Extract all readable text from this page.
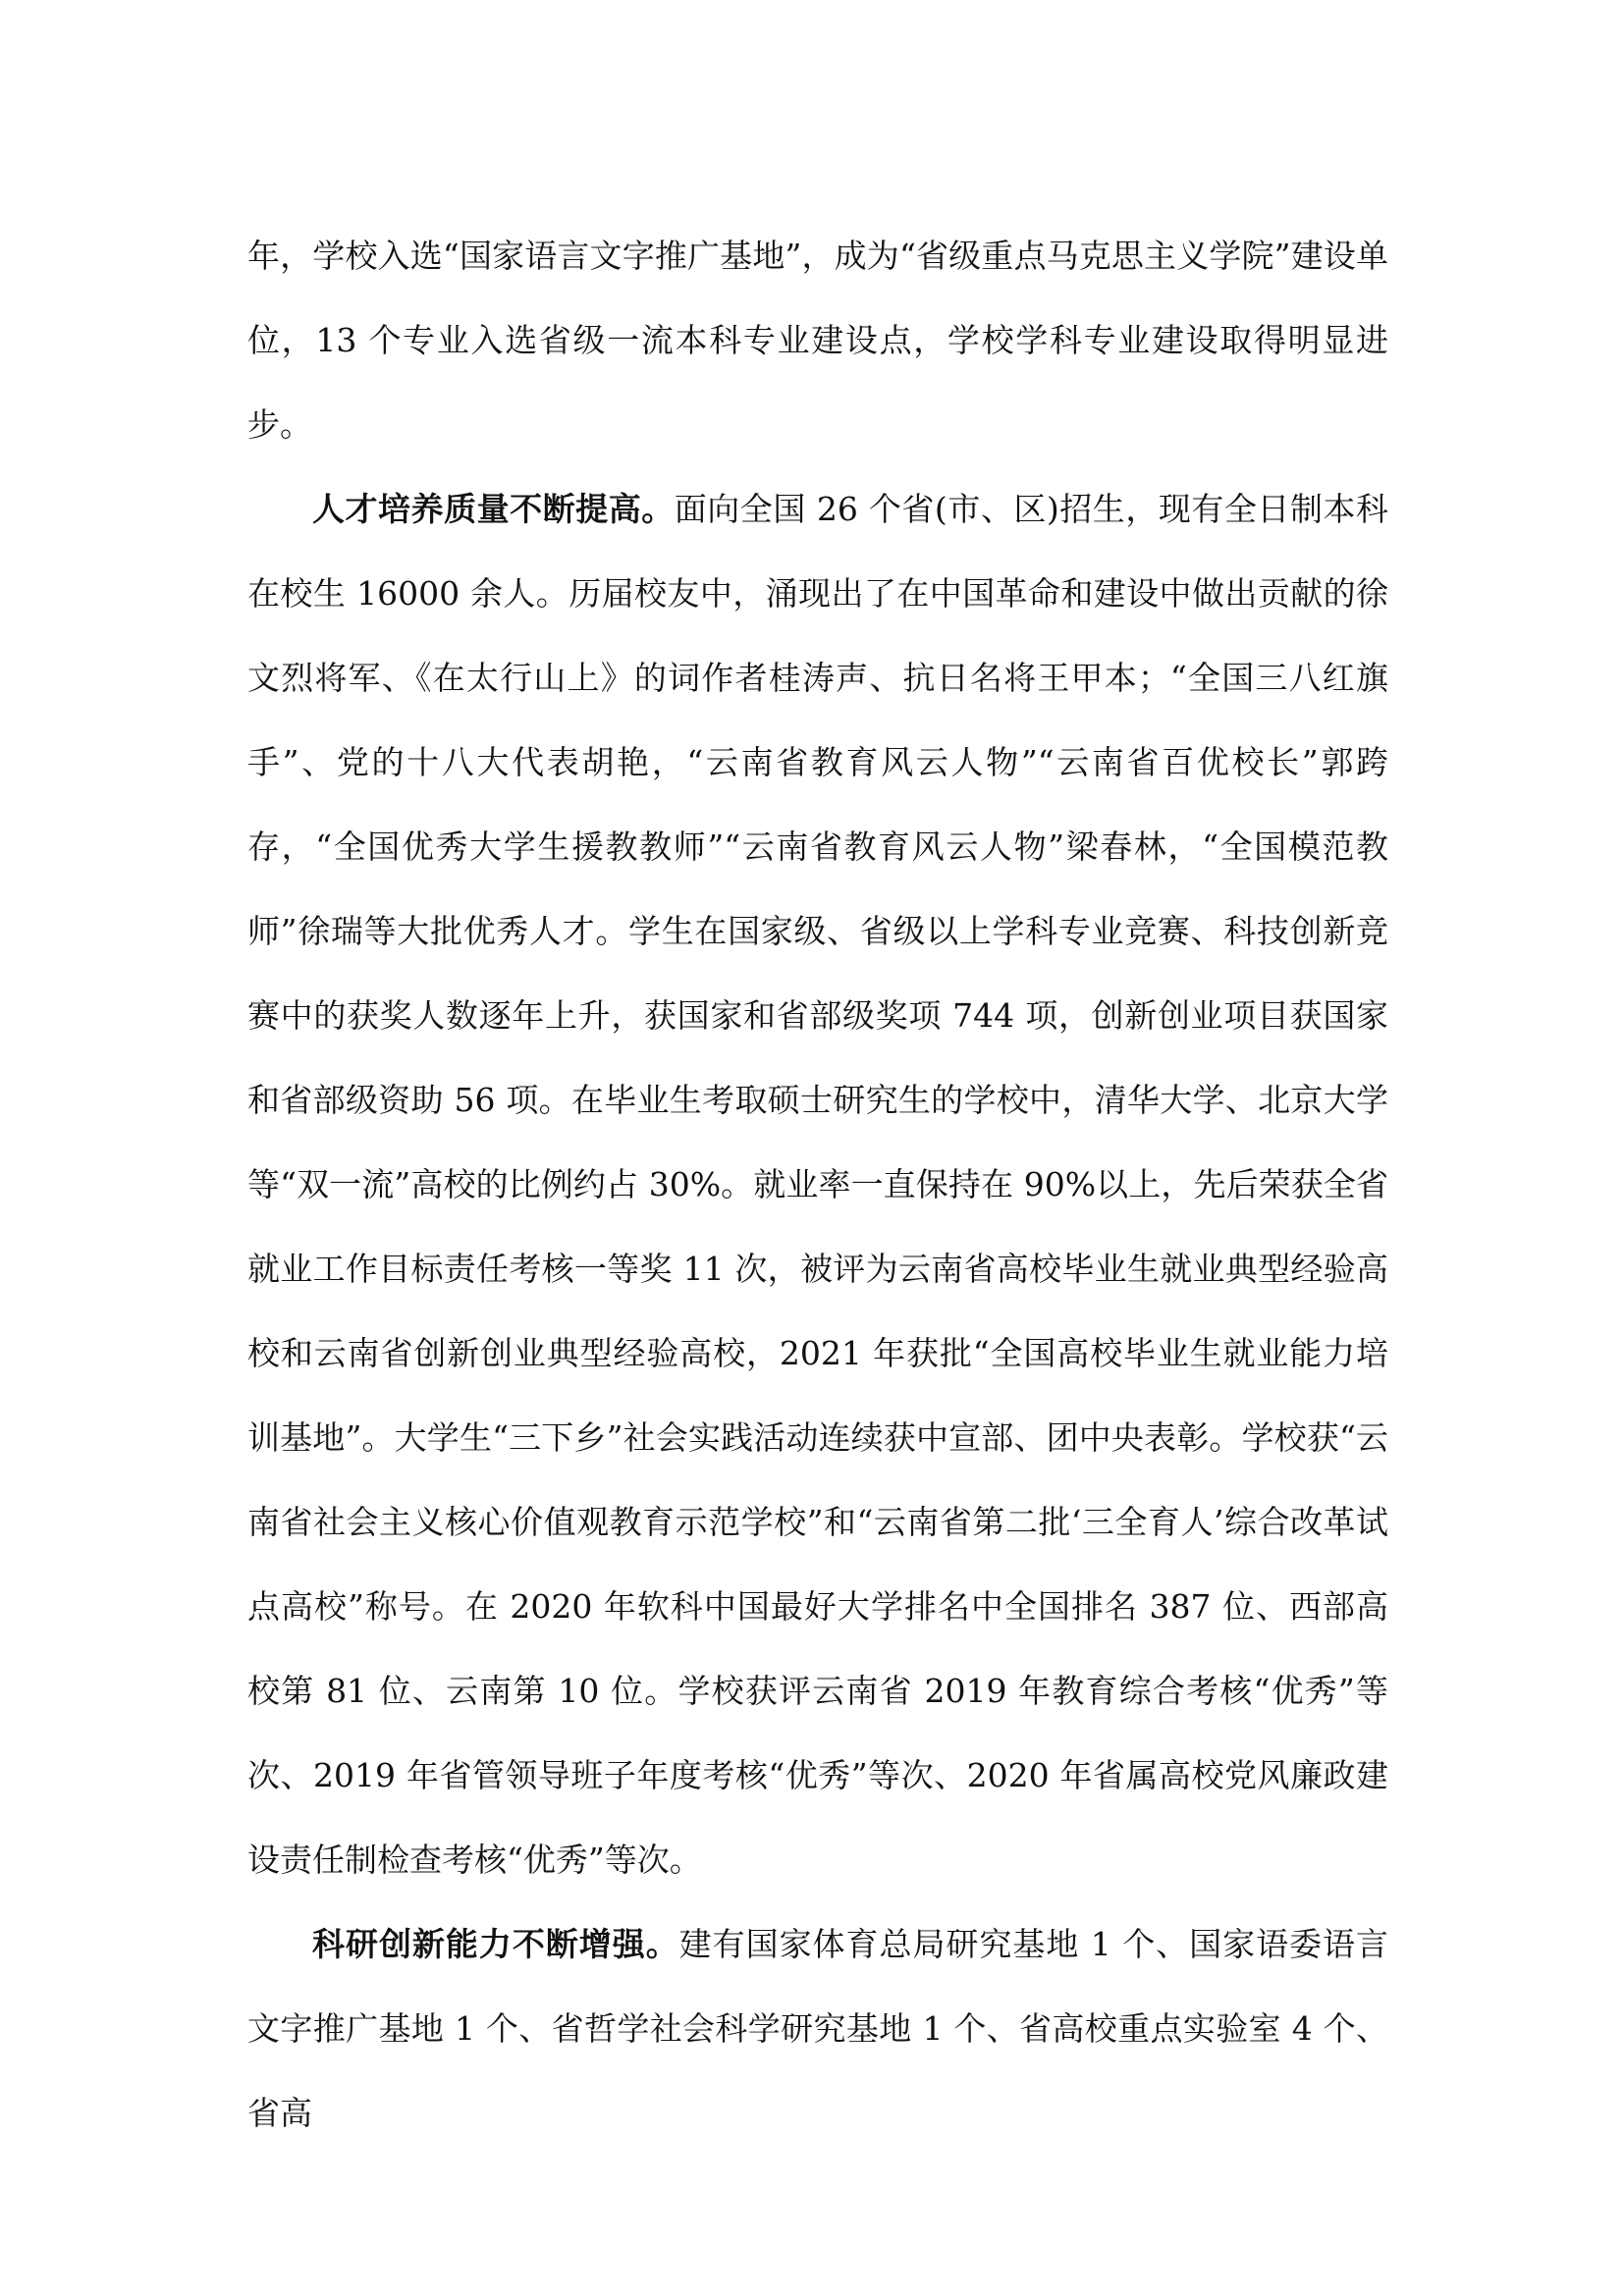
年，学校入选“国家语言文字推广基地”，成为“省级重点马克思主义学院”建设单位，13 个专业入选省级一流本科专业建设点，学校学科专业建设取得明显进步。

人才培养质量不断提高。面向全国 26 个省(市、区)招生，现有全日制本科在校生 16000 余人。历届校友中，涌现出了在中国革命和建设中做出贡献的徐文烈将军、《在太行山上》的词作者桂涛声、抗日名将王甲本；“全国三八红旗手”、党的十八大代表胡艳，“云南省教育风云人物”“云南省百优校长”郭跨存，“全国优秀大学生援教教师”“云南省教育风云人物”梁春林，“全国模范教师”徐瑞等大批优秀人才。学生在国家级、省级以上学科专业竞赛、科技创新竞赛中的获奖人数逐年上升，获国家和省部级奖项 744 项，创新创业项目获国家和省部级资助 56 项。在毕业生考取硕士研究生的学校中，清华大学、北京大学等“双一流”高校的比例约占 30%。就业率一直保持在 90%以上，先后荣获全省就业工作目标责任考核一等奖 11 次，被评为云南省高校毕业生就业典型经验高校和云南省创新创业典型经验高校，2021 年获批“全国高校毕业生就业能力培训基地”。大学生“三下乡”社会实践活动连续获中宣部、团中央表彰。学校获“云南省社会主义核心价值观教育示范学校”和“云南省第二批‘三全育人’综合改革试点高校”称号。在 2020 年软科中国最好大学排名中全国排名 387 位、西部高校第 81 位、云南第 10 位。学校获评云南省 2019 年教育综合考核“优秀”等次、2019 年省管领导班子年度考核“优秀”等次、2020 年省属高校党风廉政建设责任制检查考核“优秀”等次。

科研创新能力不断增强。建有国家体育总局研究基地 1 个、国家语委语言文字推广基地 1 个、省哲学社会科学研究基地 1 个、省高校重点实验室 4 个、省高
